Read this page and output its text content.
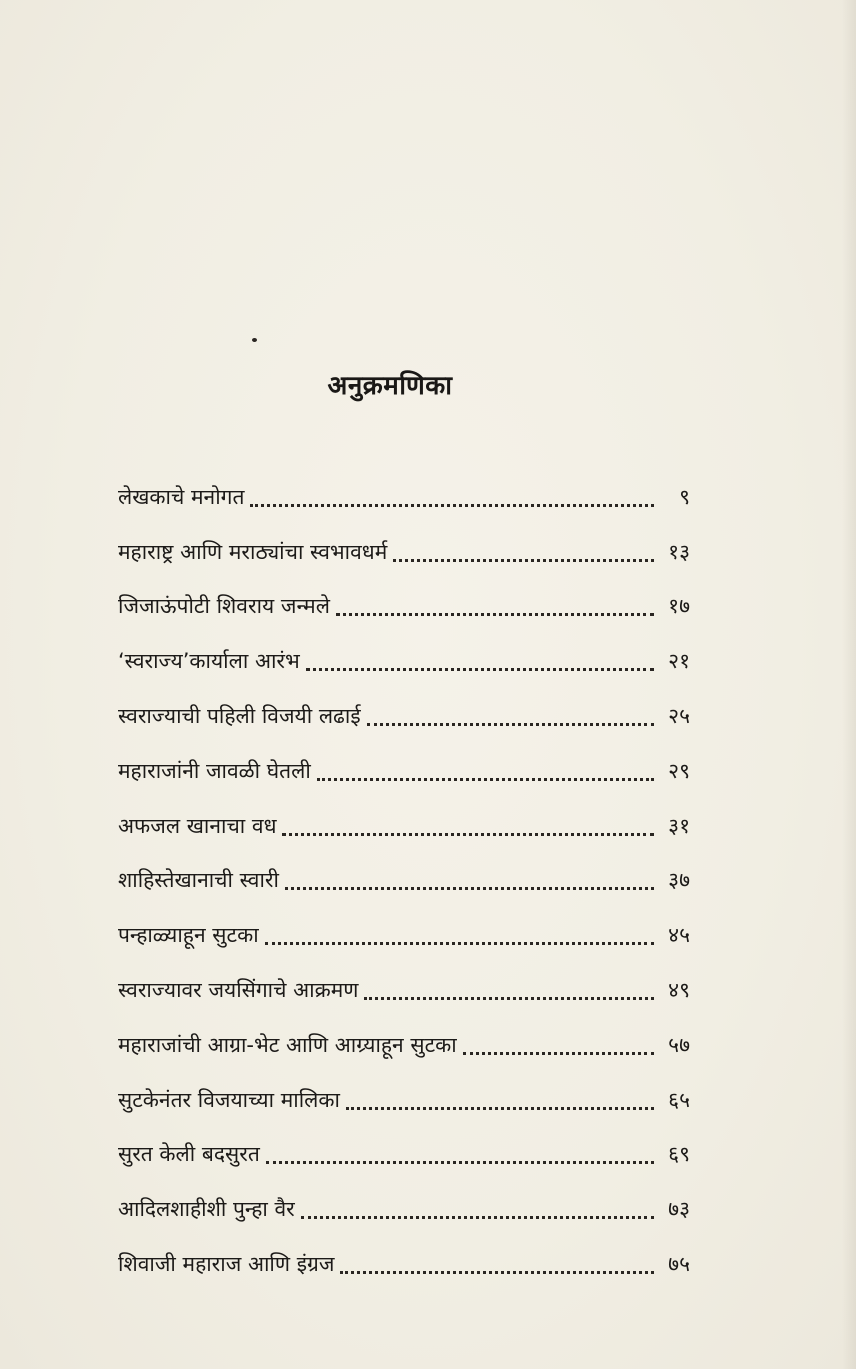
अनुक्रमणिका
लेखकाचे मनोगत	९
महाराष्ट्र आणि मराठ्यांचा स्वभावधर्म	१३
जिजाऊंपोटी शिवराय जन्मले	१७
‘स्वराज्य’कार्याला आरंभ	२१
स्वराज्याची पहिली विजयी लढाई	२५
महाराजांनी जावळी घेतली	२९
अफजल खानाचा वध	३१
शाहिस्तेखानाची स्वारी	३७
पन्हाळ्याहून सुटका	४५
स्वराज्यावर जयसिंगाचे आक्रमण	४९
महाराजांची आग्रा-भेट आणि आग्र्याहून सुटका	५७
सुटकेनंतर विजयाच्या मालिका	६५
सुरत केली बदसुरत	६९
आदिलशाहीशी पुन्हा वैर	७३
शिवाजी महाराज आणि इंग्रज	७५
